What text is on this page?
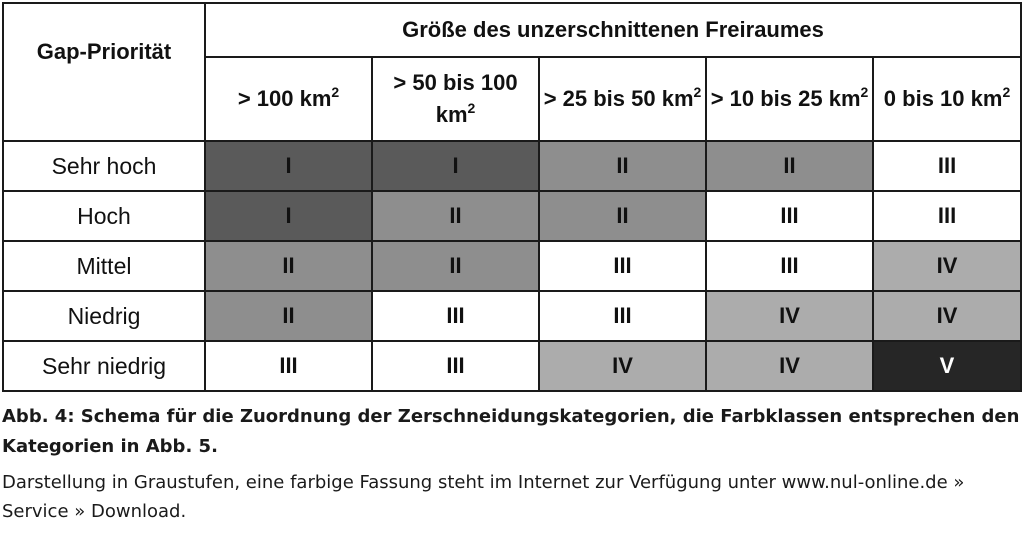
Gap-Priorität	Größe des unzerschnittenen Freiraumes				
	> 100 $km^2$	> 50 bis 100 $km^2$	> 25 bis 50 $km^2$	> 10 bis 25 $km^2$	0 bis 10 $km^2$
Sehr hoch	I	I	II	II	III
Hoch	I	II	II	III	III
Mittel	II	II	III	III	IV
Niedrig	II	III	III	IV	IV
Sehr niedrig	III	III	IV	IV	V

Abb. 4: Schema für die Zuordnung der Zerschneidungskategorien, die Farbklassen entsprechen den Kategorien in Abb. 5.

Darstellung in Graustufen, eine farbige Fassung steht im Internet zur Verfügung unter www.nul-online.de » Service » Download.
